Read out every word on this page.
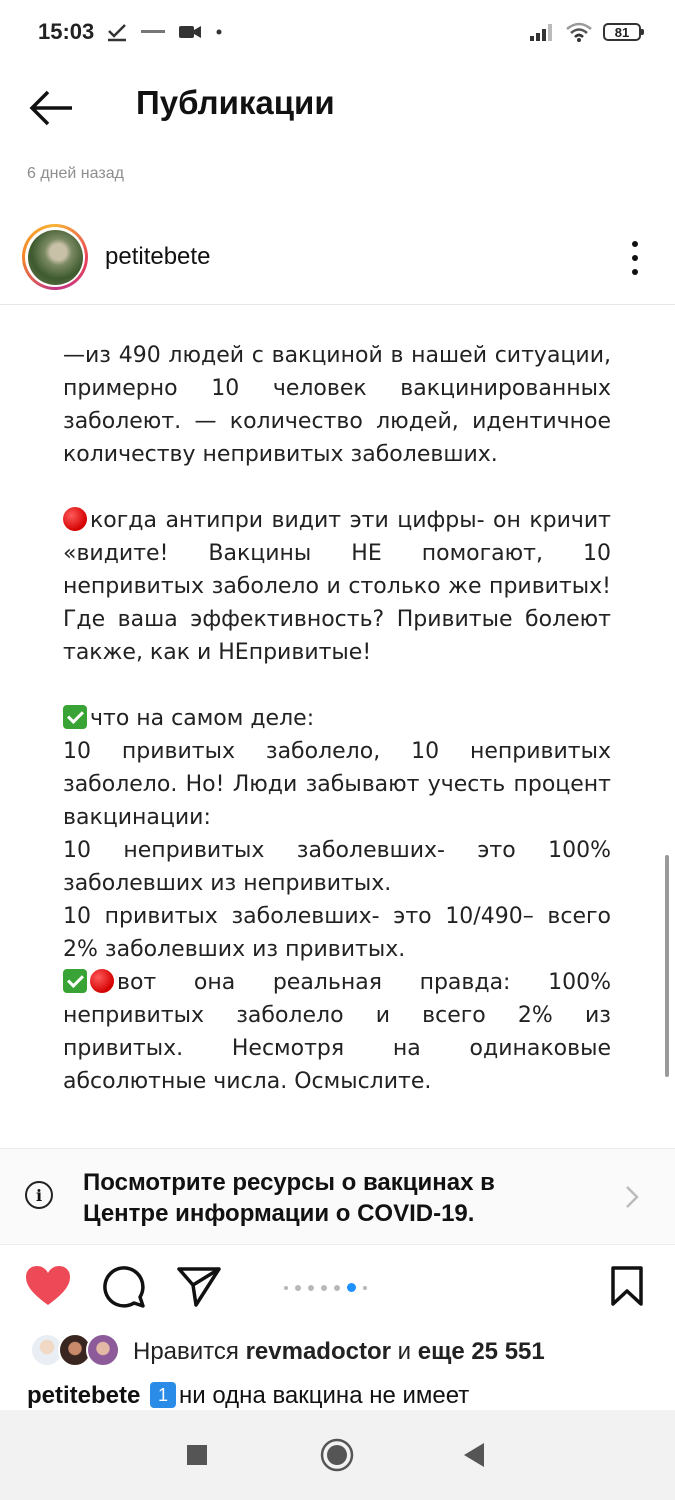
15:03	81
Публикации
6 дней назад
petitebete

—из 490 людей с вакциной в нашей ситуации, примерно 10 человек вакцинированных заболеют. — количество людей, идентичное количеству непривитых заболевших.

когда антипри видит эти цифры- он кричит «видите! Вакцины НЕ помогают, 10 непривитых заболело и столько же привитых! Где ваша эффективность? Привитые болеют также, как и НЕпривитые!

что на самом деле:

10 привитых заболело, 10 непривитых заболело. Но! Люди забывают учесть процент вакцинации:

10 непривитых заболевших- это 100% заболевших из непривитых.

10 привитых заболевших- это 10/490– всего 2% заболевших из привитых.

вот она реальная правда: 100% непривитых заболело и всего 2% из привитых. Несмотря на одинаковые абсолютные числа. Осмыслите.

i	Посмотрите ресурсы о вакцинах в Центре информации о COVID-19.
Нравится revmadoctor и еще 25 551
petitebete 1 ни одна вакцина не имеет
